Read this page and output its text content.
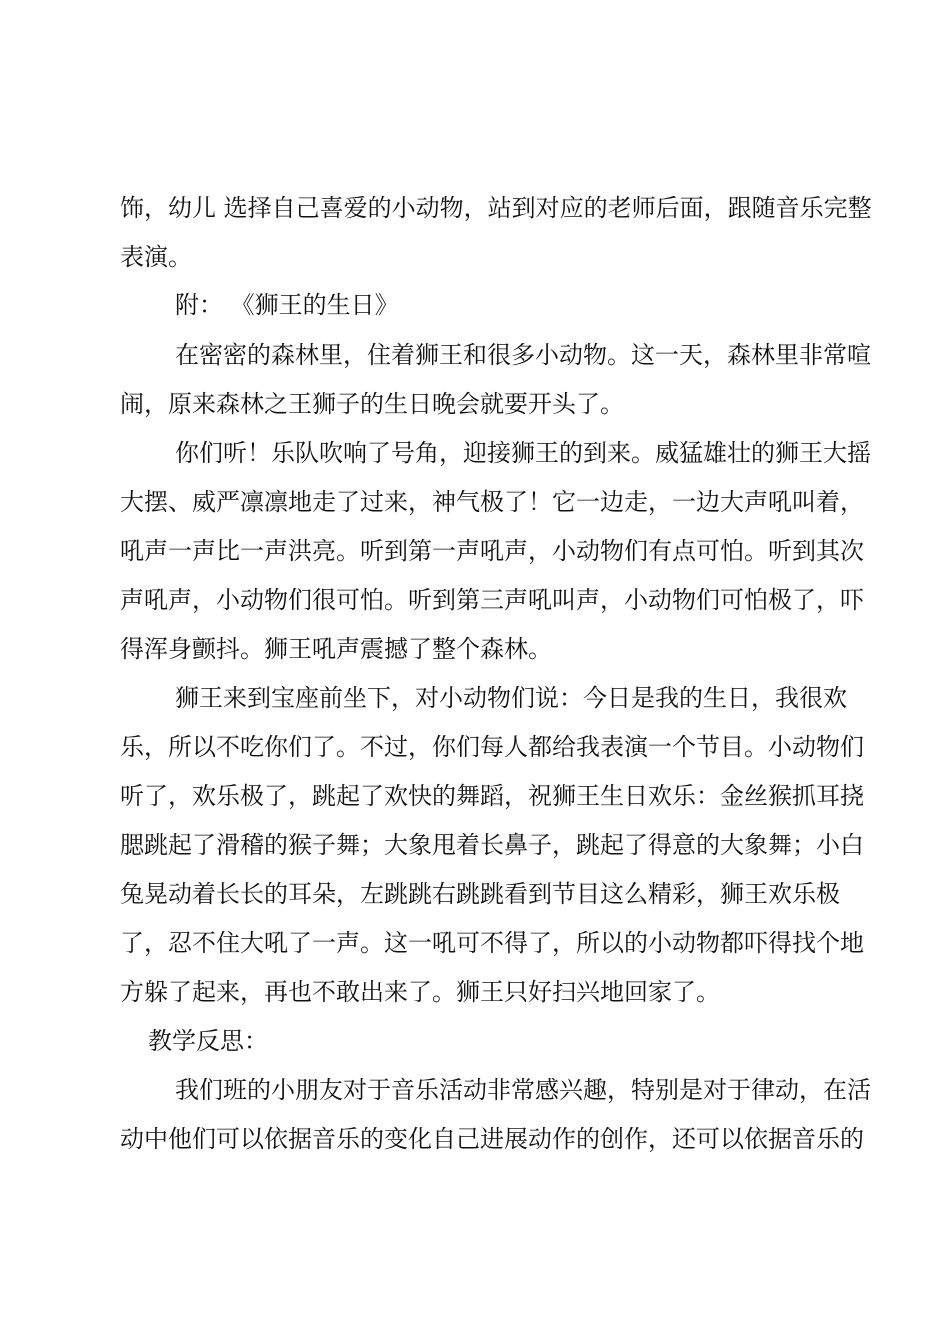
饰，幼儿 选择自己喜爱的小动物，站到对应的老师后面，跟随音乐完整
表演。
附： 《狮王的生日》
在密密的森林里，住着狮王和很多小动物。这一天，森林里非常喧
闹，原来森林之王狮子的生日晚会就要开头了。
你们听！乐队吹响了号角，迎接狮王的到来。威猛雄壮的狮王大摇
大摆、威严凛凛地走了过来，神气极了！它一边走，一边大声吼叫着，
吼声一声比一声洪亮。听到第一声吼声，小动物们有点可怕。听到其次
声吼声，小动物们很可怕。听到第三声吼叫声，小动物们可怕极了，吓
得浑身颤抖。狮王吼声震撼了整个森林。
狮王来到宝座前坐下，对小动物们说：今日是我的生日，我很欢
乐，所以不吃你们了。不过，你们每人都给我表演一个节目。小动物们
听了，欢乐极了，跳起了欢快的舞蹈，祝狮王生日欢乐：金丝猴抓耳挠
腮跳起了滑稽的猴子舞；大象甩着长鼻子，跳起了得意的大象舞；小白
兔晃动着长长的耳朵，左跳跳右跳跳看到节目这么精彩，狮王欢乐极
了，忍不住大吼了一声。这一吼可不得了，所以的小动物都吓得找个地
方躲了起来，再也不敢出来了。狮王只好扫兴地回家了。
教学反思：
我们班的小朋友对于音乐活动非常感兴趣，特别是对于律动，在活
动中他们可以依据音乐的变化自己进展动作的创作，还可以依据音乐的
